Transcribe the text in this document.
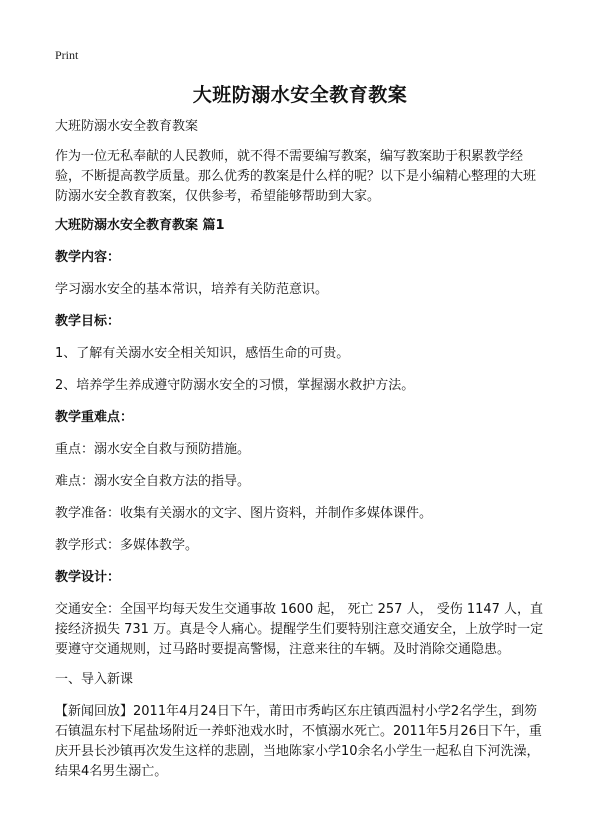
Print
大班防溺水安全教育教案

大班防溺水安全教育教案

作为一位无私奉献的人民教师，就不得不需要编写教案，编写教案助于积累教学经验，不断提高教学质量。那么优秀的教案是什么样的呢？以下是小编精心整理的大班防溺水安全教育教案，仅供参考，希望能够帮助到大家。

大班防溺水安全教育教案 篇1

教学内容：

学习溺水安全的基本常识，培养有关防范意识。

教学目标：

1、了解有关溺水安全相关知识，感悟生命的可贵。

2、培养学生养成遵守防溺水安全的习惯，掌握溺水救护方法。

教学重难点：

重点：溺水安全自救与预防措施。

难点：溺水安全自救方法的指导。

教学准备：收集有关溺水的文字、图片资料，并制作多媒体课件。

教学形式：多媒体教学。

教学设计：

交通安全：全国平均每天发生交通事故 1600 起， 死亡 257 人， 受伤 1147 人，直接经济损失 731 万。真是令人痛心。提醒学生们要特别注意交通安全，上放学时一定要遵守交通规则，过马路时要提高警惕，注意来往的车辆。及时消除交通隐患。

一、导入新课

【新闻回放】2011年4月24日下午，莆田市秀屿区东庄镇西温村小学2名学生，到笏石镇温东村下尾盐场附近一养虾池戏水时，不慎溺水死亡。2011年5月26日下午，重庆开县长沙镇再次发生这样的悲剧，当地陈家小学10余名小学生一起私自下河洗澡，结果4名男生溺亡。
